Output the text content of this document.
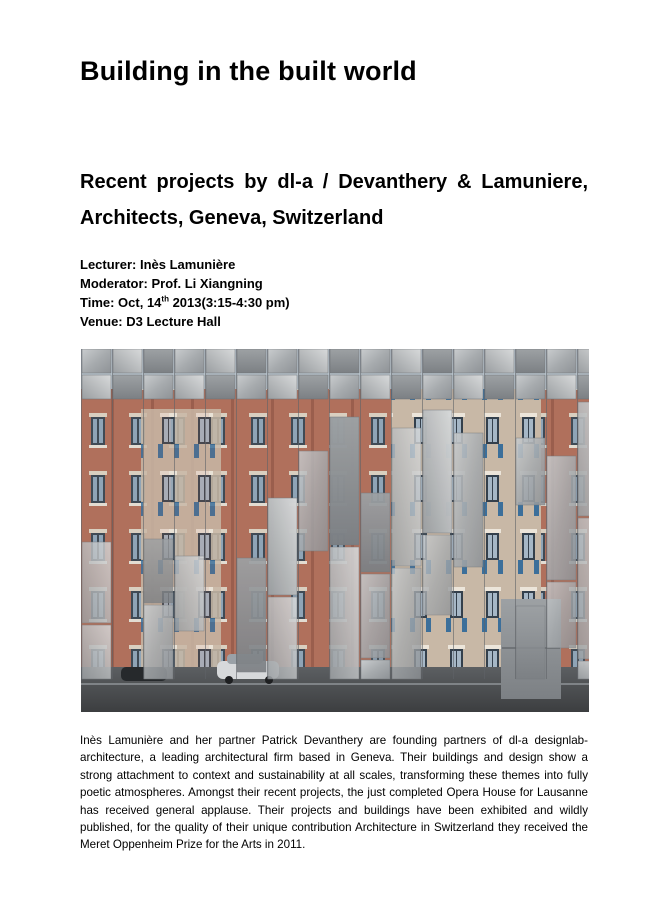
Building in the built world
Recent projects by dl-a / Devanthery & Lamuniere, Architects, Geneva, Switzerland
Lecturer: Inès Lamunière
Moderator: Prof. Li Xiangning
Time: Oct, 14th 2013(3:15-4:30 pm)
Venue: D3 Lecture Hall
Inès Lamunière and her partner Patrick Devanthery are founding partners of dl-a designlab-architecture, a leading architectural firm based in Geneva. Their buildings and design show a strong attachment to context and sustainability at all scales, transforming these themes into fully poetic atmospheres. Amongst their recent projects, the just completed Opera House for Lausanne has received general applause. Their projects and buildings have been exhibited and wildly published, for the quality of their unique contribution Architecture in Switzerland they received the Meret Oppenheim Prize for the Arts in 2011.
